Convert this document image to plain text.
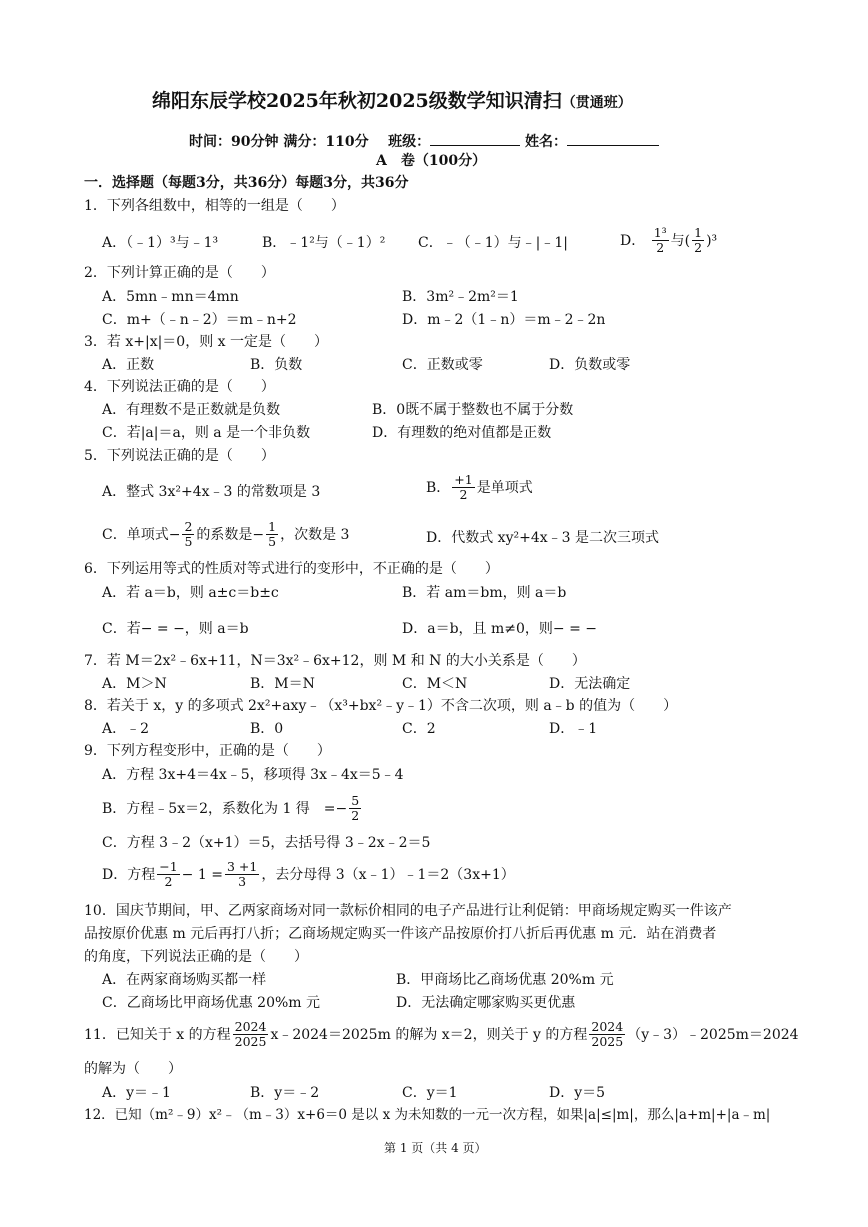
绵阳东辰学校2025年秋初2025级数学知识清扫（贯通班）
时间：90分钟 满分：110分 班级：	姓名：
A　卷（100分）
一．选择题（每题3分，共36分）每题3分，共36分
1．下列各组数中，相等的一组是（　　）
A．（﹣1）³与﹣1³	B．﹣1²与（﹣1）² C．﹣（﹣1）与﹣|﹣1|	D． $\frac{\text{1³}}{2}$ 与( $\frac{1}{2} )^3$
2．下列计算正确的是（　　）
A．5mn﹣mn＝4mn	B．3m²﹣2m²＝1
C．m+（﹣n﹣2）＝m﹣n+2	D．m﹣2（1﹣n）＝m﹣2﹣2n
3．若 x+|x|＝0，则 x 一定是（　　）
A．正数	B．负数	C．正数或零	D．负数或零
4．下列说法正确的是（　　）
A．有理数不是正数就是负数	B．0既不属于整数也不属于分数
C．若|a|＝a，则 a 是一个非负数	D．有理数的绝对值都是正数
5．下列说法正确的是（　　）
A．整式 3x²+4x﹣3 的常数项是 3	B． $\frac{+1}{2}$ 是单项式
C．单项式− $\frac{2}{5}$ 的系数是− $\frac{1}{5}$ ，次数是 3	D．代数式 xy²+4x﹣3 是二次三项式
6．下列运用等式的性质对等式进行的变形中，不正确的是（　　）
A．若 a＝b，则 a±c＝b±c	B．若 am＝bm，则 a＝b
C．若− = −，则 a＝b	D．a＝b，且 m≠0，则− = −
7．若 M＝2x²﹣6x+11，N＝3x²﹣6x+12，则 M 和 N 的大小关系是（　　）
A．M＞N	B．M＝N	C．M＜N	D．无法确定
8．若关于 x，y 的多项式 2x²+axy﹣（x³+bx²﹣y﹣1）不含二次项，则 a﹣b 的值为（　　）
A．﹣2	B．0	C．2	D．﹣1
9．下列方程变形中，正确的是（　　）
A．方程 3x+4＝4x﹣5，移项得 3x﹣4x＝5﹣4
B．方程﹣5x＝2，系数化为 1 得　=− $\frac{5}{2}$
C．方程 3﹣2（x+1）＝5，去括号得 3﹣2x﹣2＝5
D．方程 $\frac{-1}{2} - 1 = \frac{3 +1}{3}$ ，去分母得 3（x﹣1）﹣1＝2（3x+1）
10．国庆节期间，甲、乙两家商场对同一款标价相同的电子产品进行让利促销：甲商场规定购买一件该产
品按原价优惠 m 元后再打八折；乙商场规定购买一件该产品按原价打八折后再优惠 m 元．站在消费者
的角度，下列说法正确的是（　　）
A．在两家商场购买都一样	B．甲商场比乙商场优惠 20%m 元
C．乙商场比甲商场优惠 20%m 元	D．无法确定哪家购买更优惠
11．已知关于 x 的方程 $\frac{2024}{2025}$ x﹣2024＝2025m 的解为 x＝2，则关于 y 的方程 $\frac{2024}{2025}$ （y﹣3）﹣2025m＝2024
的解为（　　）
A．y＝﹣1	B．y＝﹣2	C．y＝1	D．y＝5
12．已知（m²﹣9）x²﹣（m﹣3）x+6＝0 是以 x 为未知数的一元一次方程，如果|a|≤|m|，那么|a+m|+|a﹣m|
第 1 页（共 4 页）
